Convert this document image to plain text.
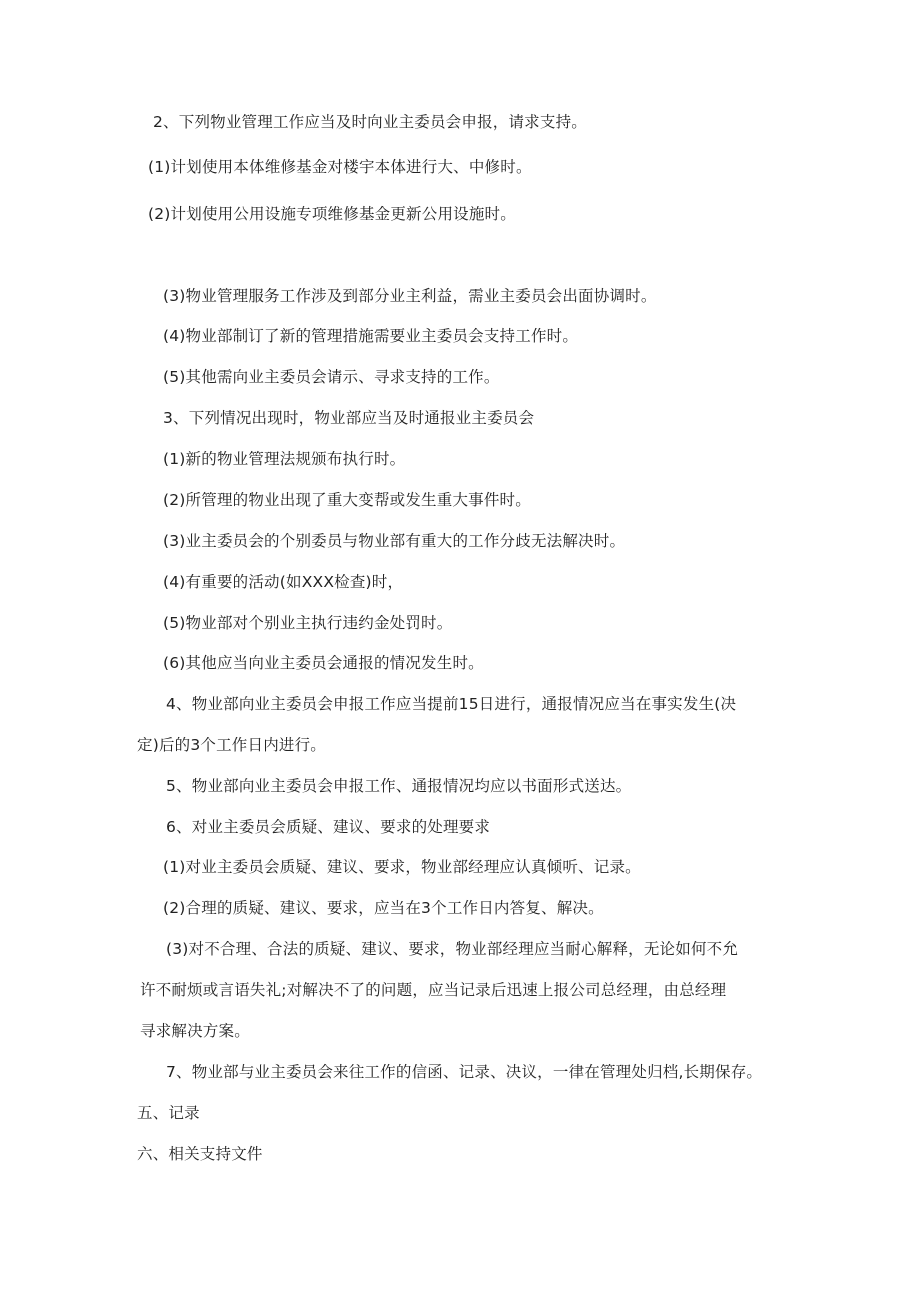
2、下列物业管理工作应当及时向业主委员会申报，请求支持。
(1)计划使用本体维修基金对楼宇本体进行大、中修时。
(2)计划使用公用设施专项维修基金更新公用设施时。
(3)物业管理服务工作涉及到部分业主利益，需业主委员会出面协调时。
(4)物业部制订了新的管理措施需要业主委员会支持工作时。
(5)其他需向业主委员会请示、寻求支持的工作。
3、下列情况出现时，物业部应当及时通报业主委员会
(1)新的物业管理法规颁布执行时。
(2)所管理的物业出现了重大变帮或发生重大事件时。
(3)业主委员会的个别委员与物业部有重大的工作分歧无法解决时。
(4)有重要的活动(如XXX检查)时，
(5)物业部对个别业主执行违约金处罚时。
(6)其他应当向业主委员会通报的情况发生时。
4、物业部向业主委员会申报工作应当提前15日进行，通报情况应当在事实发生(决
定)后的3个工作日内进行。
5、物业部向业主委员会申报工作、通报情况均应以书面形式送达。
6、对业主委员会质疑、建议、要求的处理要求
(1)对业主委员会质疑、建议、要求，物业部经理应认真倾听、记录。
(2)合理的质疑、建议、要求，应当在3个工作日内答复、解决。
(3)对不合理、合法的质疑、建议、要求，物业部经理应当耐心解释，无论如何不允
许不耐烦或言语失礼;对解决不了的问题，应当记录后迅速上报公司总经理，由总经理
寻求解决方案。
7、物业部与业主委员会来往工作的信函、记录、决议，一律在管理处归档,长期保存。
五、记录
六、相关支持文件
